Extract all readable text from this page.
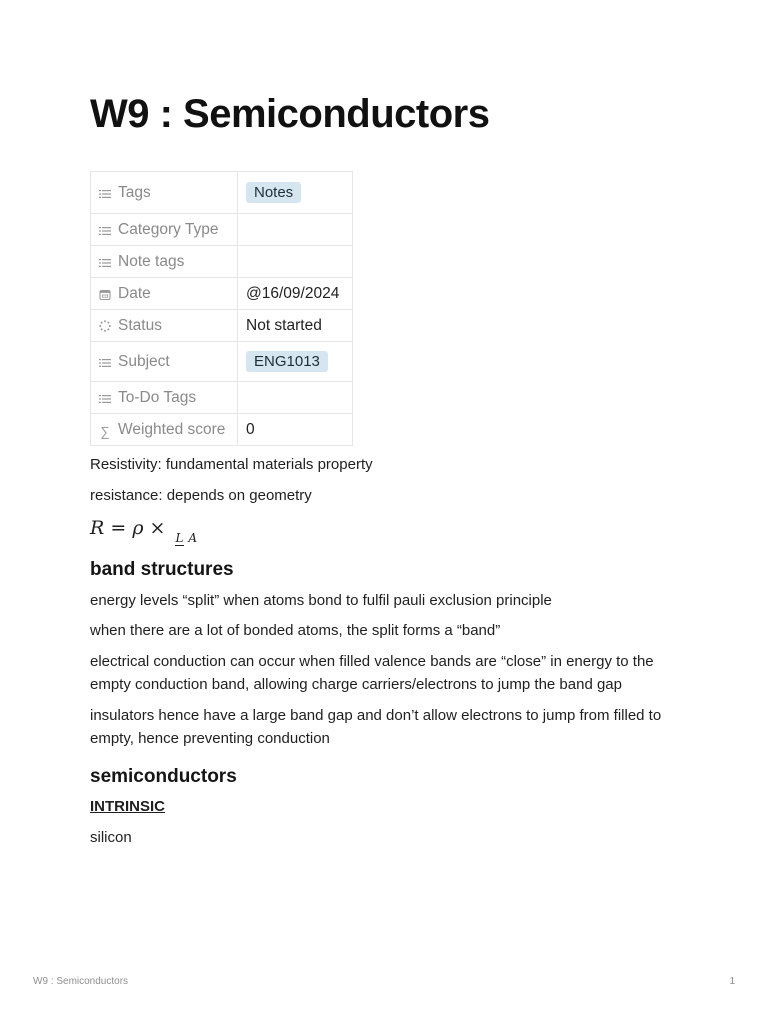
W9 : Semiconductors
Tags	Notes

Category Type	

Note tags	

Date	@16/09/2024

Status	Not started

Subject	ENG1013

To-Do Tags	
∑ Weighted score	0

Resistivity: fundamental materials property

resistance: depends on geometry

R = ρ × L A
band structures

energy levels “split” when atoms bond to fulfil pauli exclusion principle

when there are a lot of bonded atoms, the split forms a “band”

electrical conduction can occur when filled valence bands are “close” in energy to the empty conduction band, allowing charge carriers/electrons to jump the band gap

insulators hence have a large band gap and don’t allow electrons to jump from filled to empty, hence preventing conduction

semiconductors

INTRINSIC

silicon

W9 : Semiconductors	1
